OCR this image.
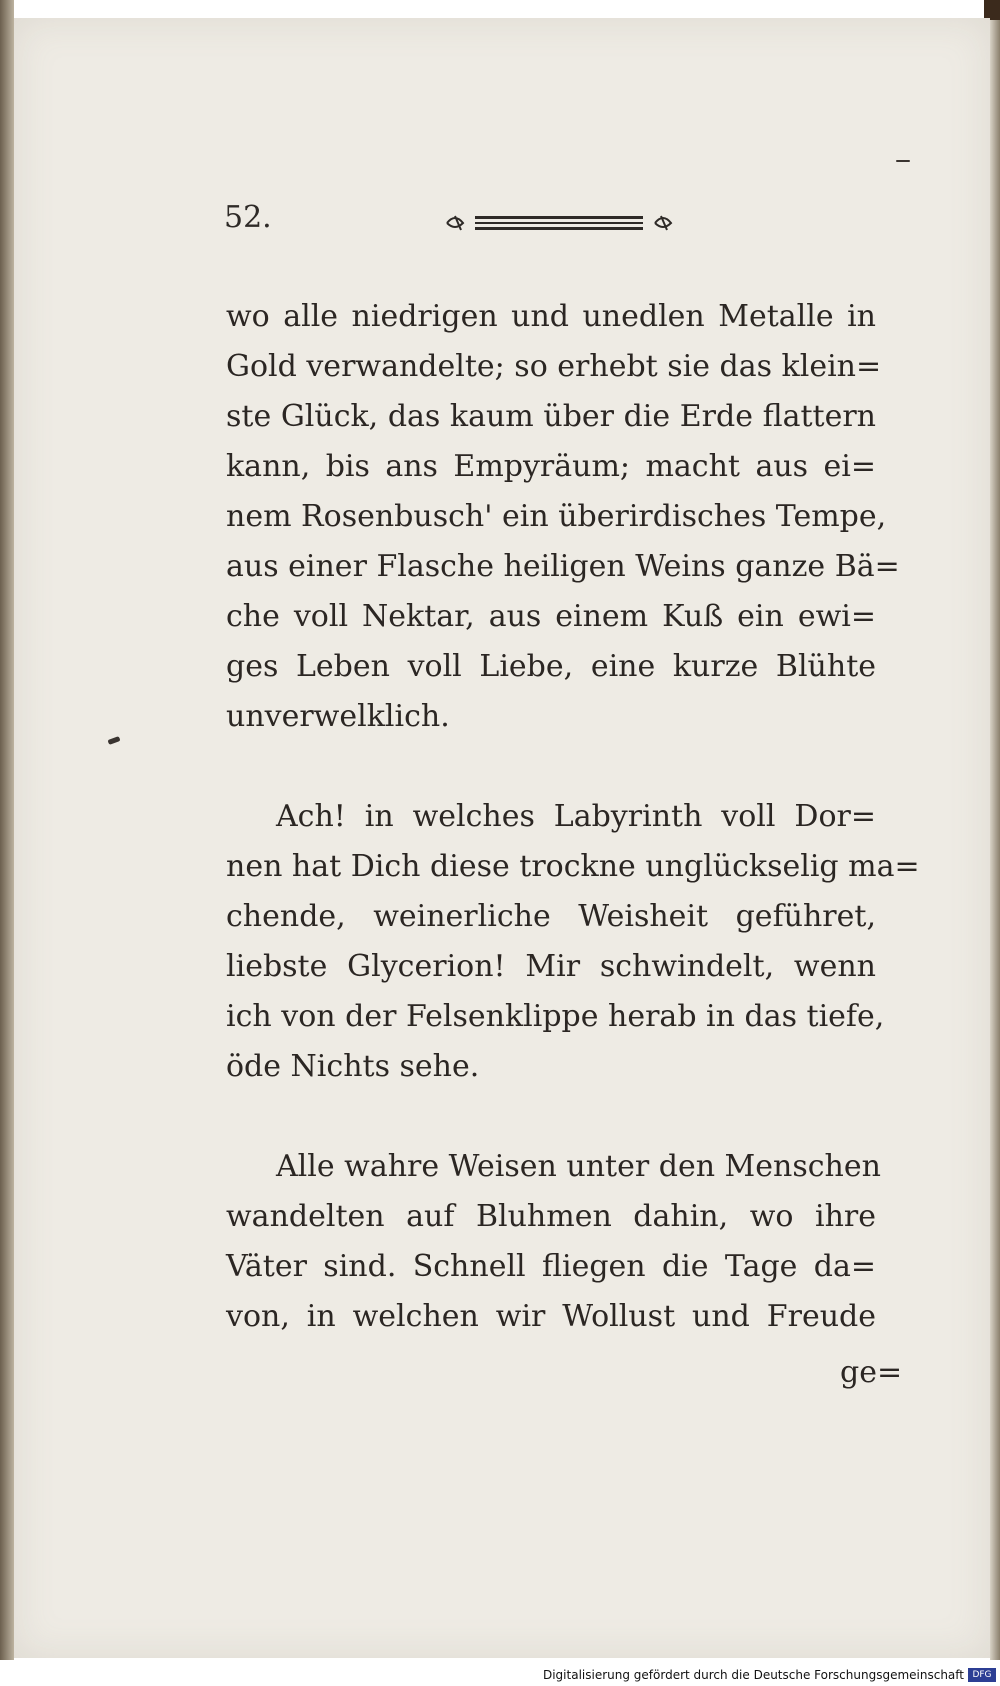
52.
wo alle niedrigen und unedlen Metalle in
Gold verwandelte; so erhebt sie das klein=
ste Glück, das kaum über die Erde flattern
kann, bis ans Empyräum; macht aus ei=
nem Rosenbusch' ein überirdisches Tempe,
aus einer Flasche heiligen Weins ganze Bä=
che voll Nektar, aus einem Kuß ein ewi=
ges Leben voll Liebe, eine kurze Blühte
unverwelklich.
Ach! in welches Labyrinth voll Dor=
nen hat Dich diese trockne unglückselig ma=
chende, weinerliche Weisheit geführet,
liebste Glycerion! Mir schwindelt, wenn
ich von der Felsenklippe herab in das tiefe,
öde Nichts sehe.
Alle wahre Weisen unter den Menschen
wandelten auf Bluhmen dahin, wo ihre
Väter sind. Schnell fliegen die Tage da=
von, in welchen wir Wollust und Freude
ge=
Digitalisierung gefördert durch die Deutsche Forschungsgemeinschaft DFG
